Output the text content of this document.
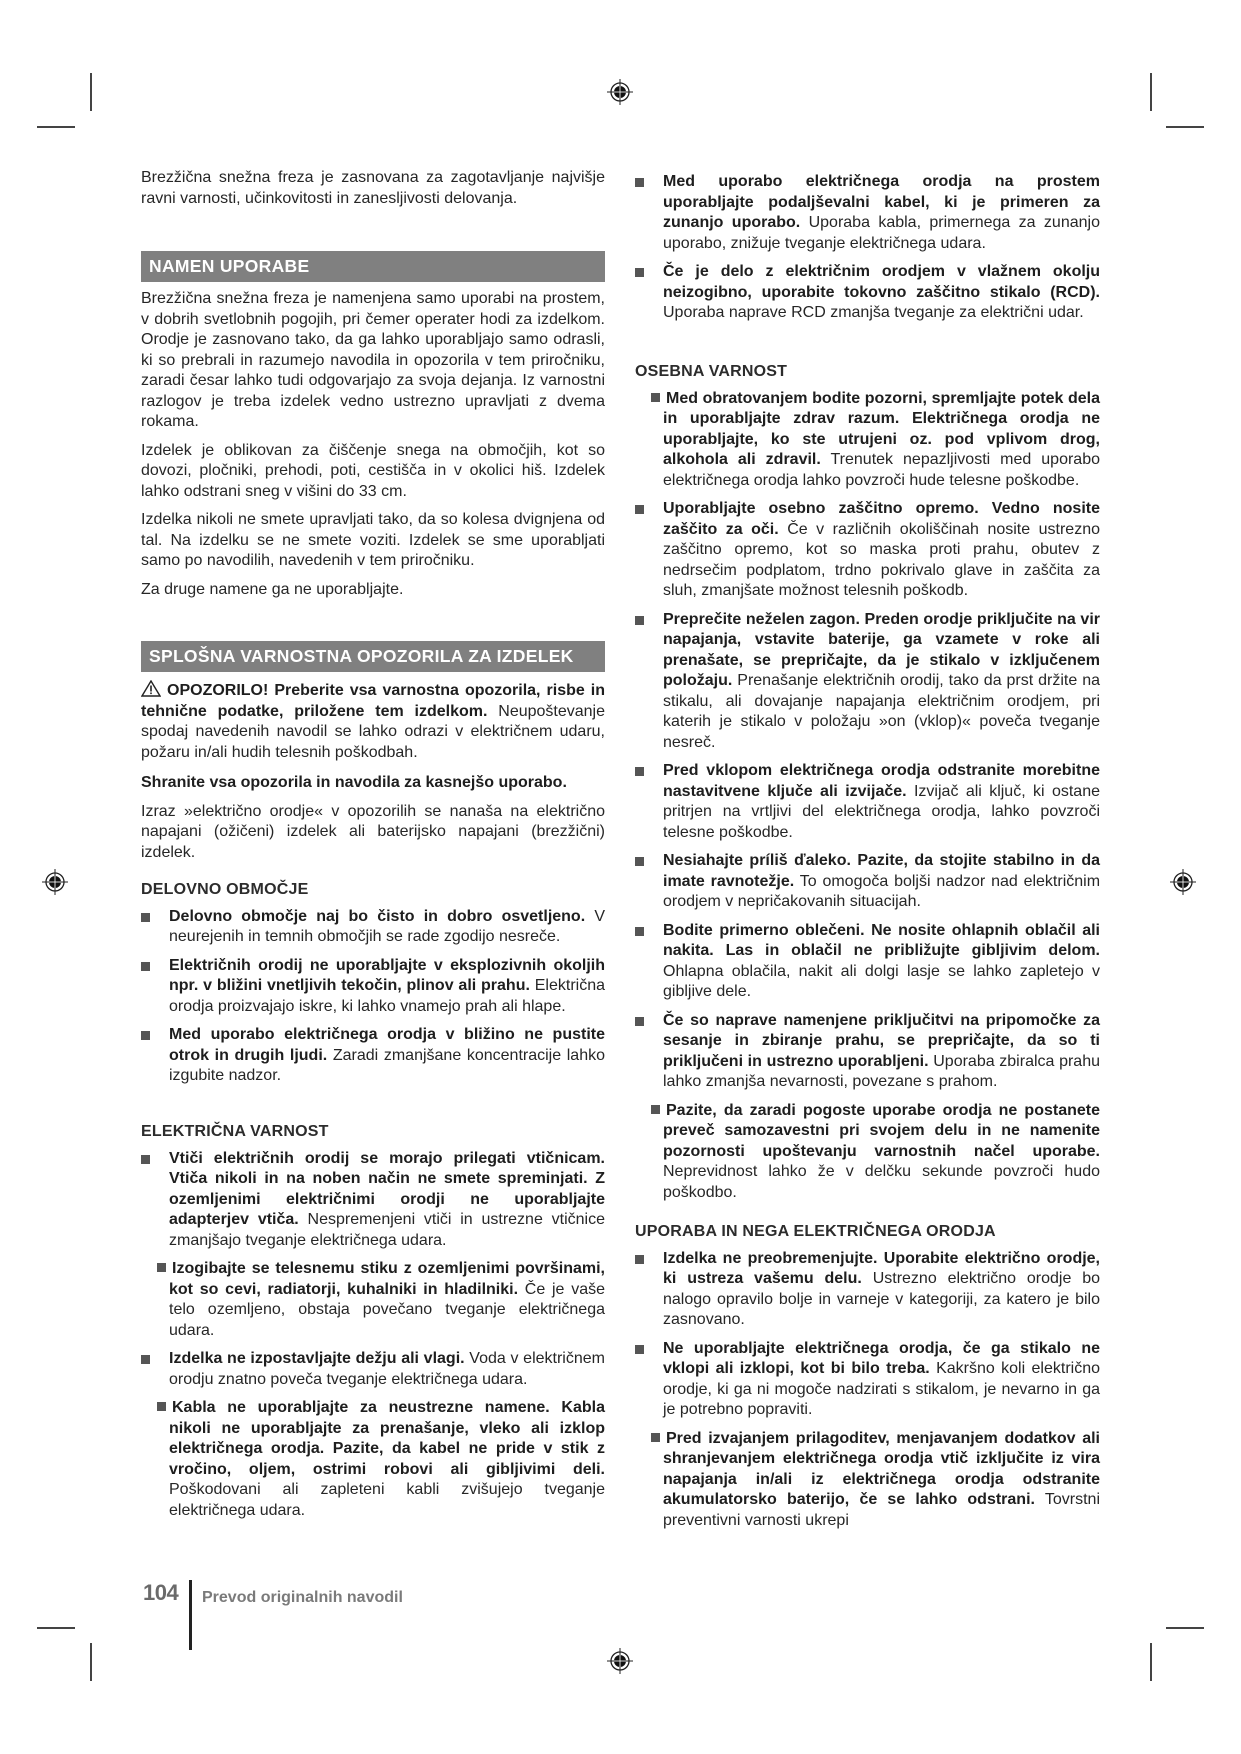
Brezžična snežna freza je zasnovana za zagotavljanje najvišje ravni varnosti, učinkovitosti in zanesljivosti delovanja.

NAMEN UPORABE

Brezžična snežna freza je namenjena samo uporabi na prostem, v dobrih svetlobnih pogojih, pri čemer operater hodi za izdelkom. Orodje je zasnovano tako, da ga lahko uporabljajo samo odrasli, ki so prebrali in razumejo navodila in opozorila v tem priročniku, zaradi česar lahko tudi odgovarjajo za svoja dejanja. Iz varnostni razlogov je treba izdelek vedno ustrezno upravljati z dvema rokama.

Izdelek je oblikovan za čiščenje snega na območjih, kot so dovozi, pločniki, prehodi, poti, cestišča in v okolici hiš. Izdelek lahko odstrani sneg v višini do 33 cm.

Izdelka nikoli ne smete upravljati tako, da so kolesa dvignjena od tal. Na izdelku se ne smete voziti. Izdelek se sme uporabljati samo po navodilih, navedenih v tem priročniku.

Za druge namene ga ne uporabljajte.

SPLOŠNA VARNOSTNA OPOZORILA ZA IZDELEK

OPOZORILO! Preberite vsa varnostna opozorila, risbe in tehnične podatke, priložene tem izdelkom. Neupoštevanje spodaj navedenih navodil se lahko odrazi v električnem udaru, požaru in/ali hudih telesnih poškodbah.

Shranite vsa opozorila in navodila za kasnejšo uporabo.

Izraz »električno orodje« v opozorilih se nanaša na električno napajani (ožičeni) izdelek ali baterijsko napajani (brezžični) izdelek.

DELOVNO OBMOČJE
Delovno območje naj bo čisto in dobro osvetljeno. V neurejenih in temnih območjih se rade zgodijo nesreče.
Električnih orodij ne uporabljajte v eksplozivnih okoljih npr. v bližini vnetljivih tekočin, plinov ali prahu. Električna orodja proizvajajo iskre, ki lahko vnamejo prah ali hlape.
Med uporabo električnega orodja v bližino ne pustite otrok in drugih ljudi. Zaradi zmanjšane koncentracije lahko izgubite nadzor.
ELEKTRIČNA VARNOST
Vtiči električnih orodij se morajo prilegati vtičnicam. Vtiča nikoli in na noben način ne smete spreminjati. Z ozemljenimi električnimi orodji ne uporabljajte adapterjev vtiča. Nespremenjeni vtiči in ustrezne vtičnice zmanjšajo tveganje električnega udara.
Izogibajte se telesnemu stiku z ozemljenimi površinami, kot so cevi, radiatorji, kuhalniki in hladilniki. Če je vaše telo ozemljeno, obstaja povečano tveganje električnega udara.
Izdelka ne izpostavljajte dežju ali vlagi. Voda v električnem orodju znatno poveča tveganje električnega udara.
Kabla ne uporabljajte za neustrezne namene. Kabla nikoli ne uporabljajte za prenašanje, vleko ali izklop električnega orodja. Pazite, da kabel ne pride v stik z vročino, oljem, ostrimi robovi ali gibljivimi deli. Poškodovani ali zapleteni kabli zvišujejo tveganje električnega udara.
Med uporabo električnega orodja na prostem uporabljajte podaljševalni kabel, ki je primeren za zunanjo uporabo. Uporaba kabla, primernega za zunanjo uporabo, znižuje tveganje električnega udara.
Če je delo z električnim orodjem v vlažnem okolju neizogibno, uporabite tokovno zaščitno stikalo (RCD). Uporaba naprave RCD zmanjša tveganje za električni udar.
OSEBNA VARNOST
Med obratovanjem bodite pozorni, spremljajte potek dela in uporabljajte zdrav razum. Električnega orodja ne uporabljajte, ko ste utrujeni oz. pod vplivom drog, alkohola ali zdravil. Trenutek nepazljivosti med uporabo električnega orodja lahko povzroči hude telesne poškodbe.
Uporabljajte osebno zaščitno opremo. Vedno nosite zaščito za oči. Če v različnih okoliščinah nosite ustrezno zaščitno opremo, kot so maska proti prahu, obutev z nedrsečim podplatom, trdno pokrivalo glave in zaščita za sluh, zmanjšate možnost telesnih poškodb.
Preprečite neželen zagon. Preden orodje priključite na vir napajanja, vstavite baterije, ga vzamete v roke ali prenašate, se prepričajte, da je stikalo v izključenem položaju. Prenašanje električnih orodij, tako da prst držite na stikalu, ali dovajanje napajanja električnim orodjem, pri katerih je stikalo v položaju »on (vklop)« poveča tveganje nesreč.
Pred vklopom električnega orodja odstranite morebitne nastavitvene ključe ali izvijače. Izvijač ali ključ, ki ostane pritrjen na vrtljivi del električnega orodja, lahko povzroči telesne poškodbe.
Nesiahajte príliš ďaleko. Pazite, da stojite stabilno in da imate ravnotežje. To omogoča boljši nadzor nad električnim orodjem v nepričakovanih situacijah.
Bodite primerno oblečeni. Ne nosite ohlapnih oblačil ali nakita. Las in oblačil ne približujte gibljivim delom. Ohlapna oblačila, nakit ali dolgi lasje se lahko zapletejo v gibljive dele.
Če so naprave namenjene priključitvi na pripomočke za sesanje in zbiranje prahu, se prepričajte, da so ti priključeni in ustrezno uporabljeni. Uporaba zbiralca prahu lahko zmanjša nevarnosti, povezane s prahom.
Pazite, da zaradi pogoste uporabe orodja ne postanete preveč samozavestni pri svojem delu in ne namenite pozornosti upoštevanju varnostnih načel uporabe. Neprevidnost lahko že v delčku sekunde povzroči hudo poškodbo.
UPORABA IN NEGA ELEKTRIČNEGA ORODJA
Izdelka ne preobremenjujte. Uporabite električno orodje, ki ustreza vašemu delu. Ustrezno električno orodje bo nalogo opravilo bolje in varneje v kategoriji, za katero je bilo zasnovano.
Ne uporabljajte električnega orodja, če ga stikalo ne vklopi ali izklopi, kot bi bilo treba. Kakršno koli električno orodje, ki ga ni mogoče nadzirati s stikalom, je nevarno in ga je potrebno popraviti.
Pred izvajanjem prilagoditev, menjavanjem dodatkov ali shranjevanjem električnega orodja vtič izključite iz vira napajanja in/ali iz električnega orodja odstranite akumulatorsko baterijo, če se lahko odstrani. Tovrstni preventivni varnosti ukrepi
104 Prevod originalnih navodil
